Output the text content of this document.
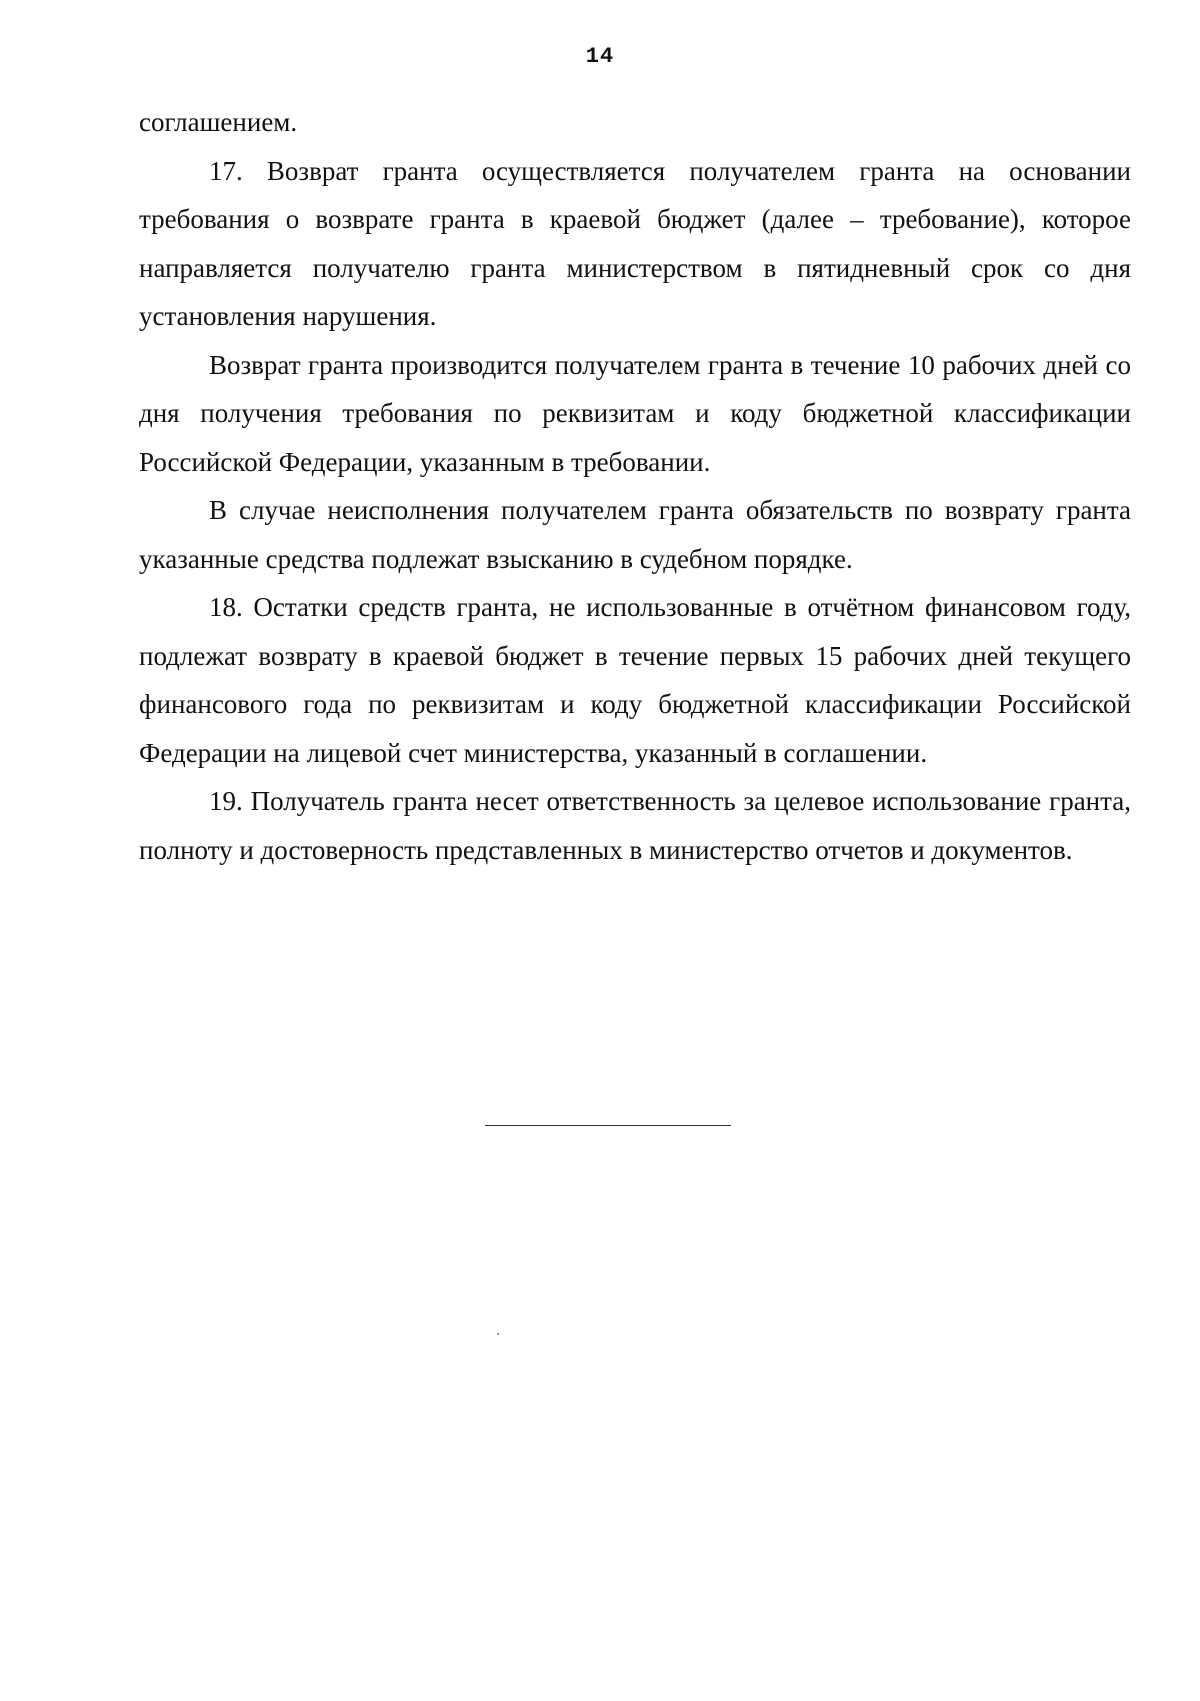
14

соглашением.

17. Возврат гранта осуществляется получателем гранта на основании требования о возврате гранта в краевой бюджет (далее – требование), которое направляется получателю гранта министерством в пятидневный срок со дня установления нарушения.

Возврат гранта производится получателем гранта в течение 10 рабочих дней со дня получения требования по реквизитам и коду бюджетной классификации Российской Федерации, указанным в требовании.

В случае неисполнения получателем гранта обязательств по возврату гранта указанные средства подлежат взысканию в судебном порядке.

18. Остатки средств гранта, не использованные в отчётном финансовом году, подлежат возврату в краевой бюджет в течение первых 15 рабочих дней текущего финансового года по реквизитам и коду бюджетной классификации Российской Федерации на лицевой счет министерства, указанный в соглашении.

19. Получатель гранта несет ответственность за целевое использование гранта, полноту и достоверность представленных в министерство отчетов и документов.
